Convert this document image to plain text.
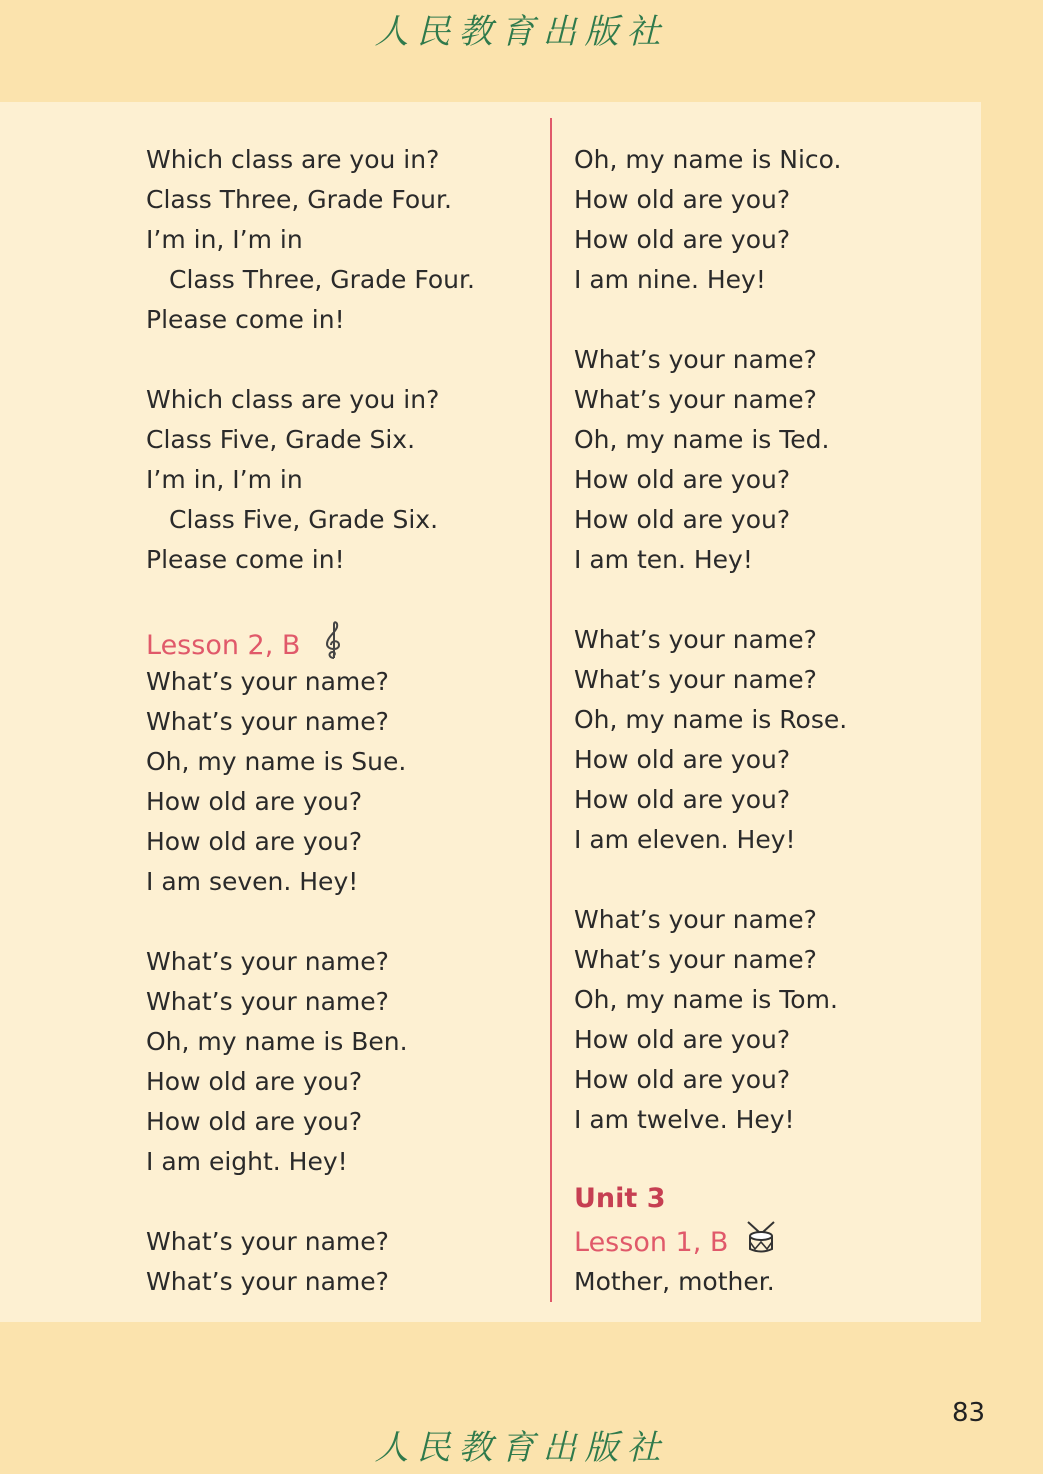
人民教育出版社
Which class are you in?
Class Three, Grade Four.
I’m in, I’m in
Class Three, Grade Four.
Please come in!
Which class are you in?
Class Five, Grade Six.
I’m in, I’m in
Class Five, Grade Six.
Please come in!
Lesson 2, B
What’s your name?
What’s your name?
Oh, my name is Sue.
How old are you?
How old are you?
I am seven. Hey!
What’s your name?
What’s your name?
Oh, my name is Ben.
How old are you?
How old are you?
I am eight. Hey!
What’s your name?
What’s your name?
Oh, my name is Nico.
How old are you?
How old are you?
I am nine. Hey!
What’s your name?
What’s your name?
Oh, my name is Ted.
How old are you?
How old are you?
I am ten. Hey!
What’s your name?
What’s your name?
Oh, my name is Rose.
How old are you?
How old are you?
I am eleven. Hey!
What’s your name?
What’s your name?
Oh, my name is Tom.
How old are you?
How old are you?
I am twelve. Hey!
Unit 3
Lesson 1, B
Mother, mother.
83
人民教育出版社
